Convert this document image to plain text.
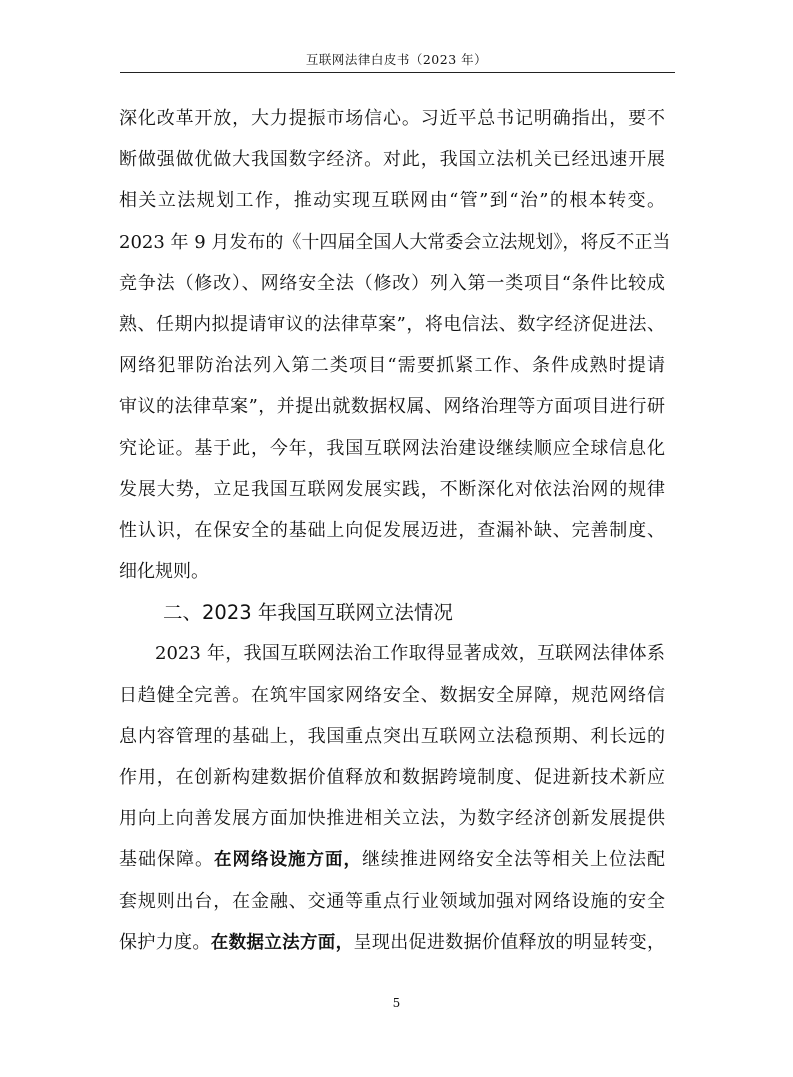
互联网法律白皮书（2023 年）
深化改革开放，大力提振市场信心。习近平总书记明确指出，要不
断做强做优做大我国数字经济。对此，我国立法机关已经迅速开展
相关立法规划工作，推动实现互联网由“管”到“治”的根本转变。
2023 年 9 月发布的《十四届全国人大常委会立法规划》，将反不正当
竞争法（修改）、网络安全法（修改）列入第一类项目“条件比较成
熟、任期内拟提请审议的法律草案”，将电信法、数字经济促进法、
网络犯罪防治法列入第二类项目“需要抓紧工作、条件成熟时提请
审议的法律草案”，并提出就数据权属、网络治理等方面项目进行研
究论证。基于此，今年，我国互联网法治建设继续顺应全球信息化
发展大势，立足我国互联网发展实践，不断深化对依法治网的规律
性认识，在保安全的基础上向促发展迈进，查漏补缺、完善制度、
细化规则。
二、2023 年我国互联网立法情况
2023 年，我国互联网法治工作取得显著成效，互联网法律体系
日趋健全完善。在筑牢国家网络安全、数据安全屏障，规范网络信
息内容管理的基础上，我国重点突出互联网立法稳预期、利长远的
作用，在创新构建数据价值释放和数据跨境制度、促进新技术新应
用向上向善发展方面加快推进相关立法，为数字经济创新发展提供
基础保障。在网络设施方面，继续推进网络安全法等相关上位法配
套规则出台，在金融、交通等重点行业领域加强对网络设施的安全
保护力度。在数据立法方面，呈现出促进数据价值释放的明显转变，
5
